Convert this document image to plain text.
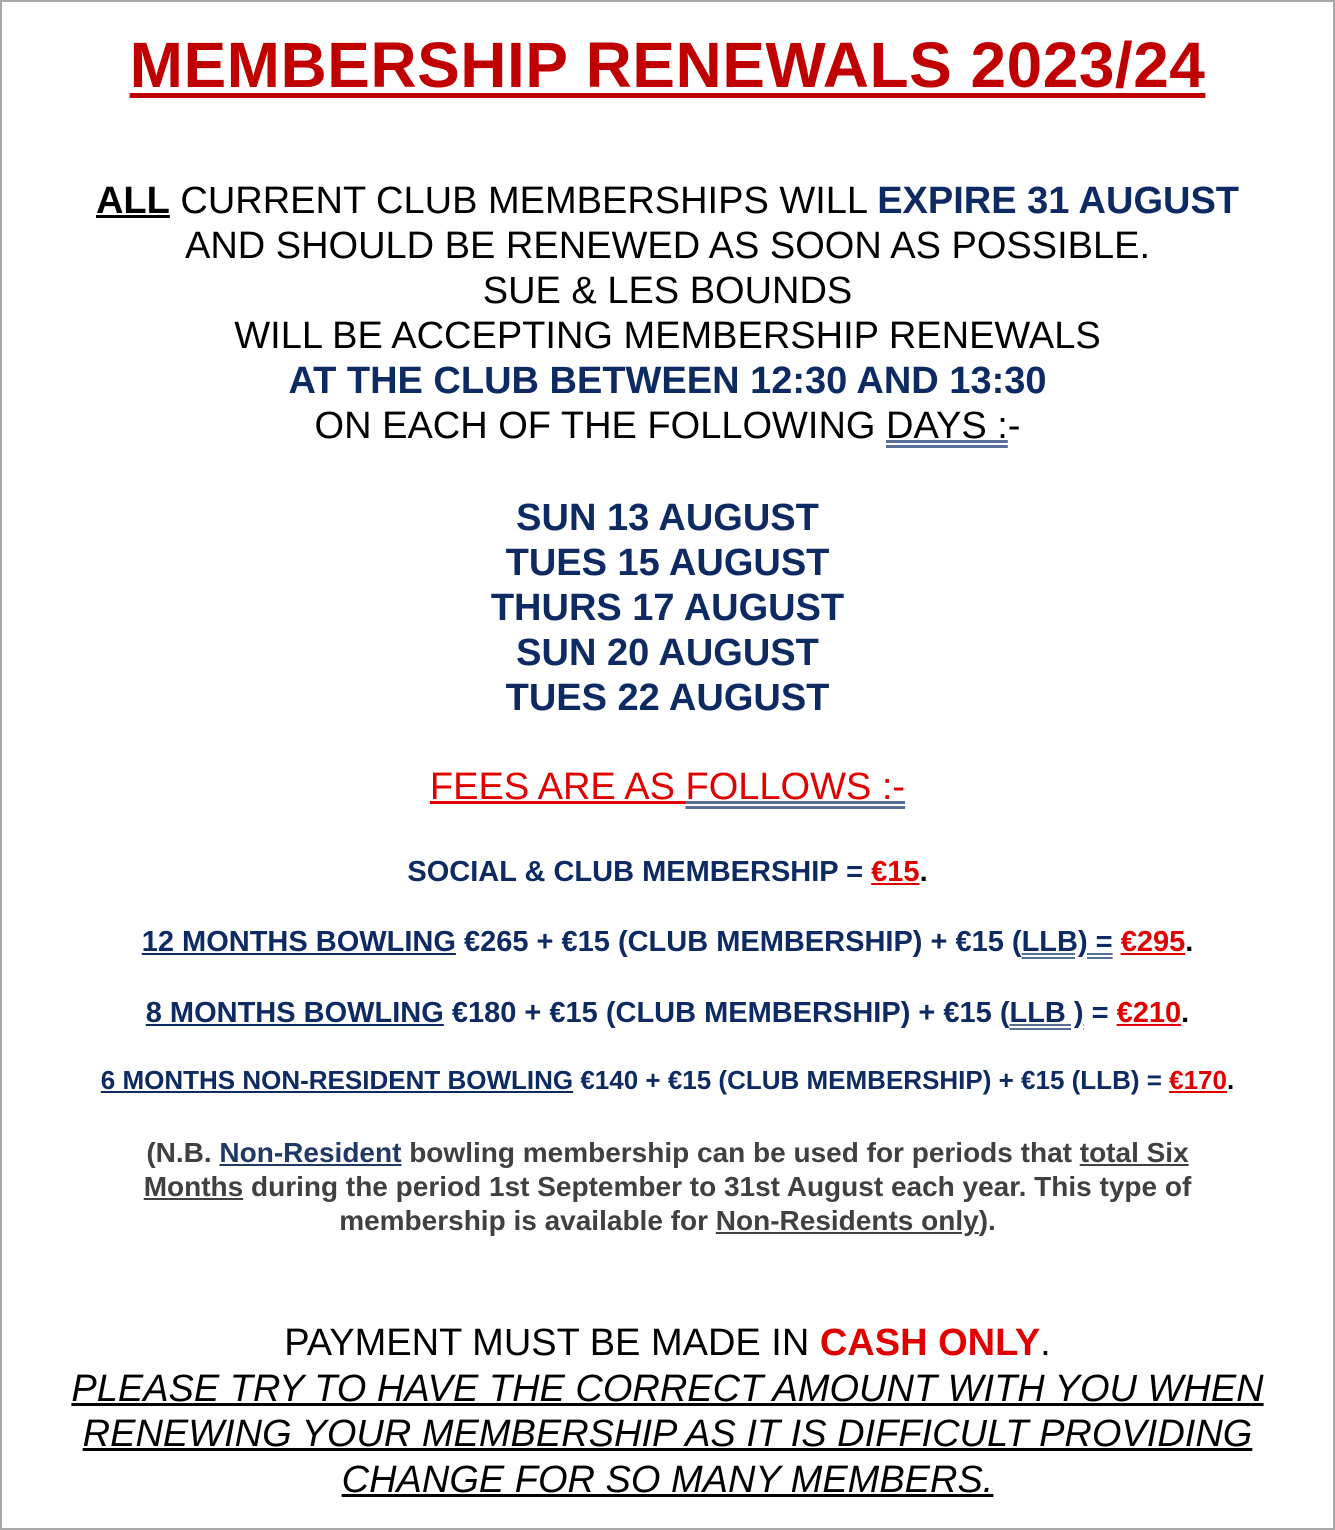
MEMBERSHIP RENEWALS 2023/24
ALL CURRENT CLUB MEMBERSHIPS WILL EXPIRE 31 AUGUST
AND SHOULD BE RENEWED AS SOON AS POSSIBLE.
SUE & LES BOUNDS
WILL BE ACCEPTING MEMBERSHIP RENEWALS
AT THE CLUB BETWEEN 12:30 AND 13:30
ON EACH OF THE FOLLOWING DAYS :-
SUN 13 AUGUST
TUES 15 AUGUST
THURS 17 AUGUST
SUN 20 AUGUST
TUES 22 AUGUST
FEES ARE AS FOLLOWS :-
SOCIAL & CLUB MEMBERSHIP = €15.
12 MONTHS BOWLING €265 + €15 (CLUB MEMBERSHIP) + €15 (LLB) = €295.
8 MONTHS BOWLING €180 + €15 (CLUB MEMBERSHIP) + €15 (LLB ) = €210.
6 MONTHS NON-RESIDENT BOWLING €140 + €15 (CLUB MEMBERSHIP) + €15 (LLB) = €170.
(N.B. Non-Resident bowling membership can be used for periods that total Six
Months during the period 1st September to 31st August each year. This type of
membership is available for Non-Residents only).
PAYMENT MUST BE MADE IN CASH ONLY.
PLEASE TRY TO HAVE THE CORRECT AMOUNT WITH YOU WHEN
RENEWING YOUR MEMBERSHIP AS IT IS DIFFICULT PROVIDING
CHANGE FOR SO MANY MEMBERS.
